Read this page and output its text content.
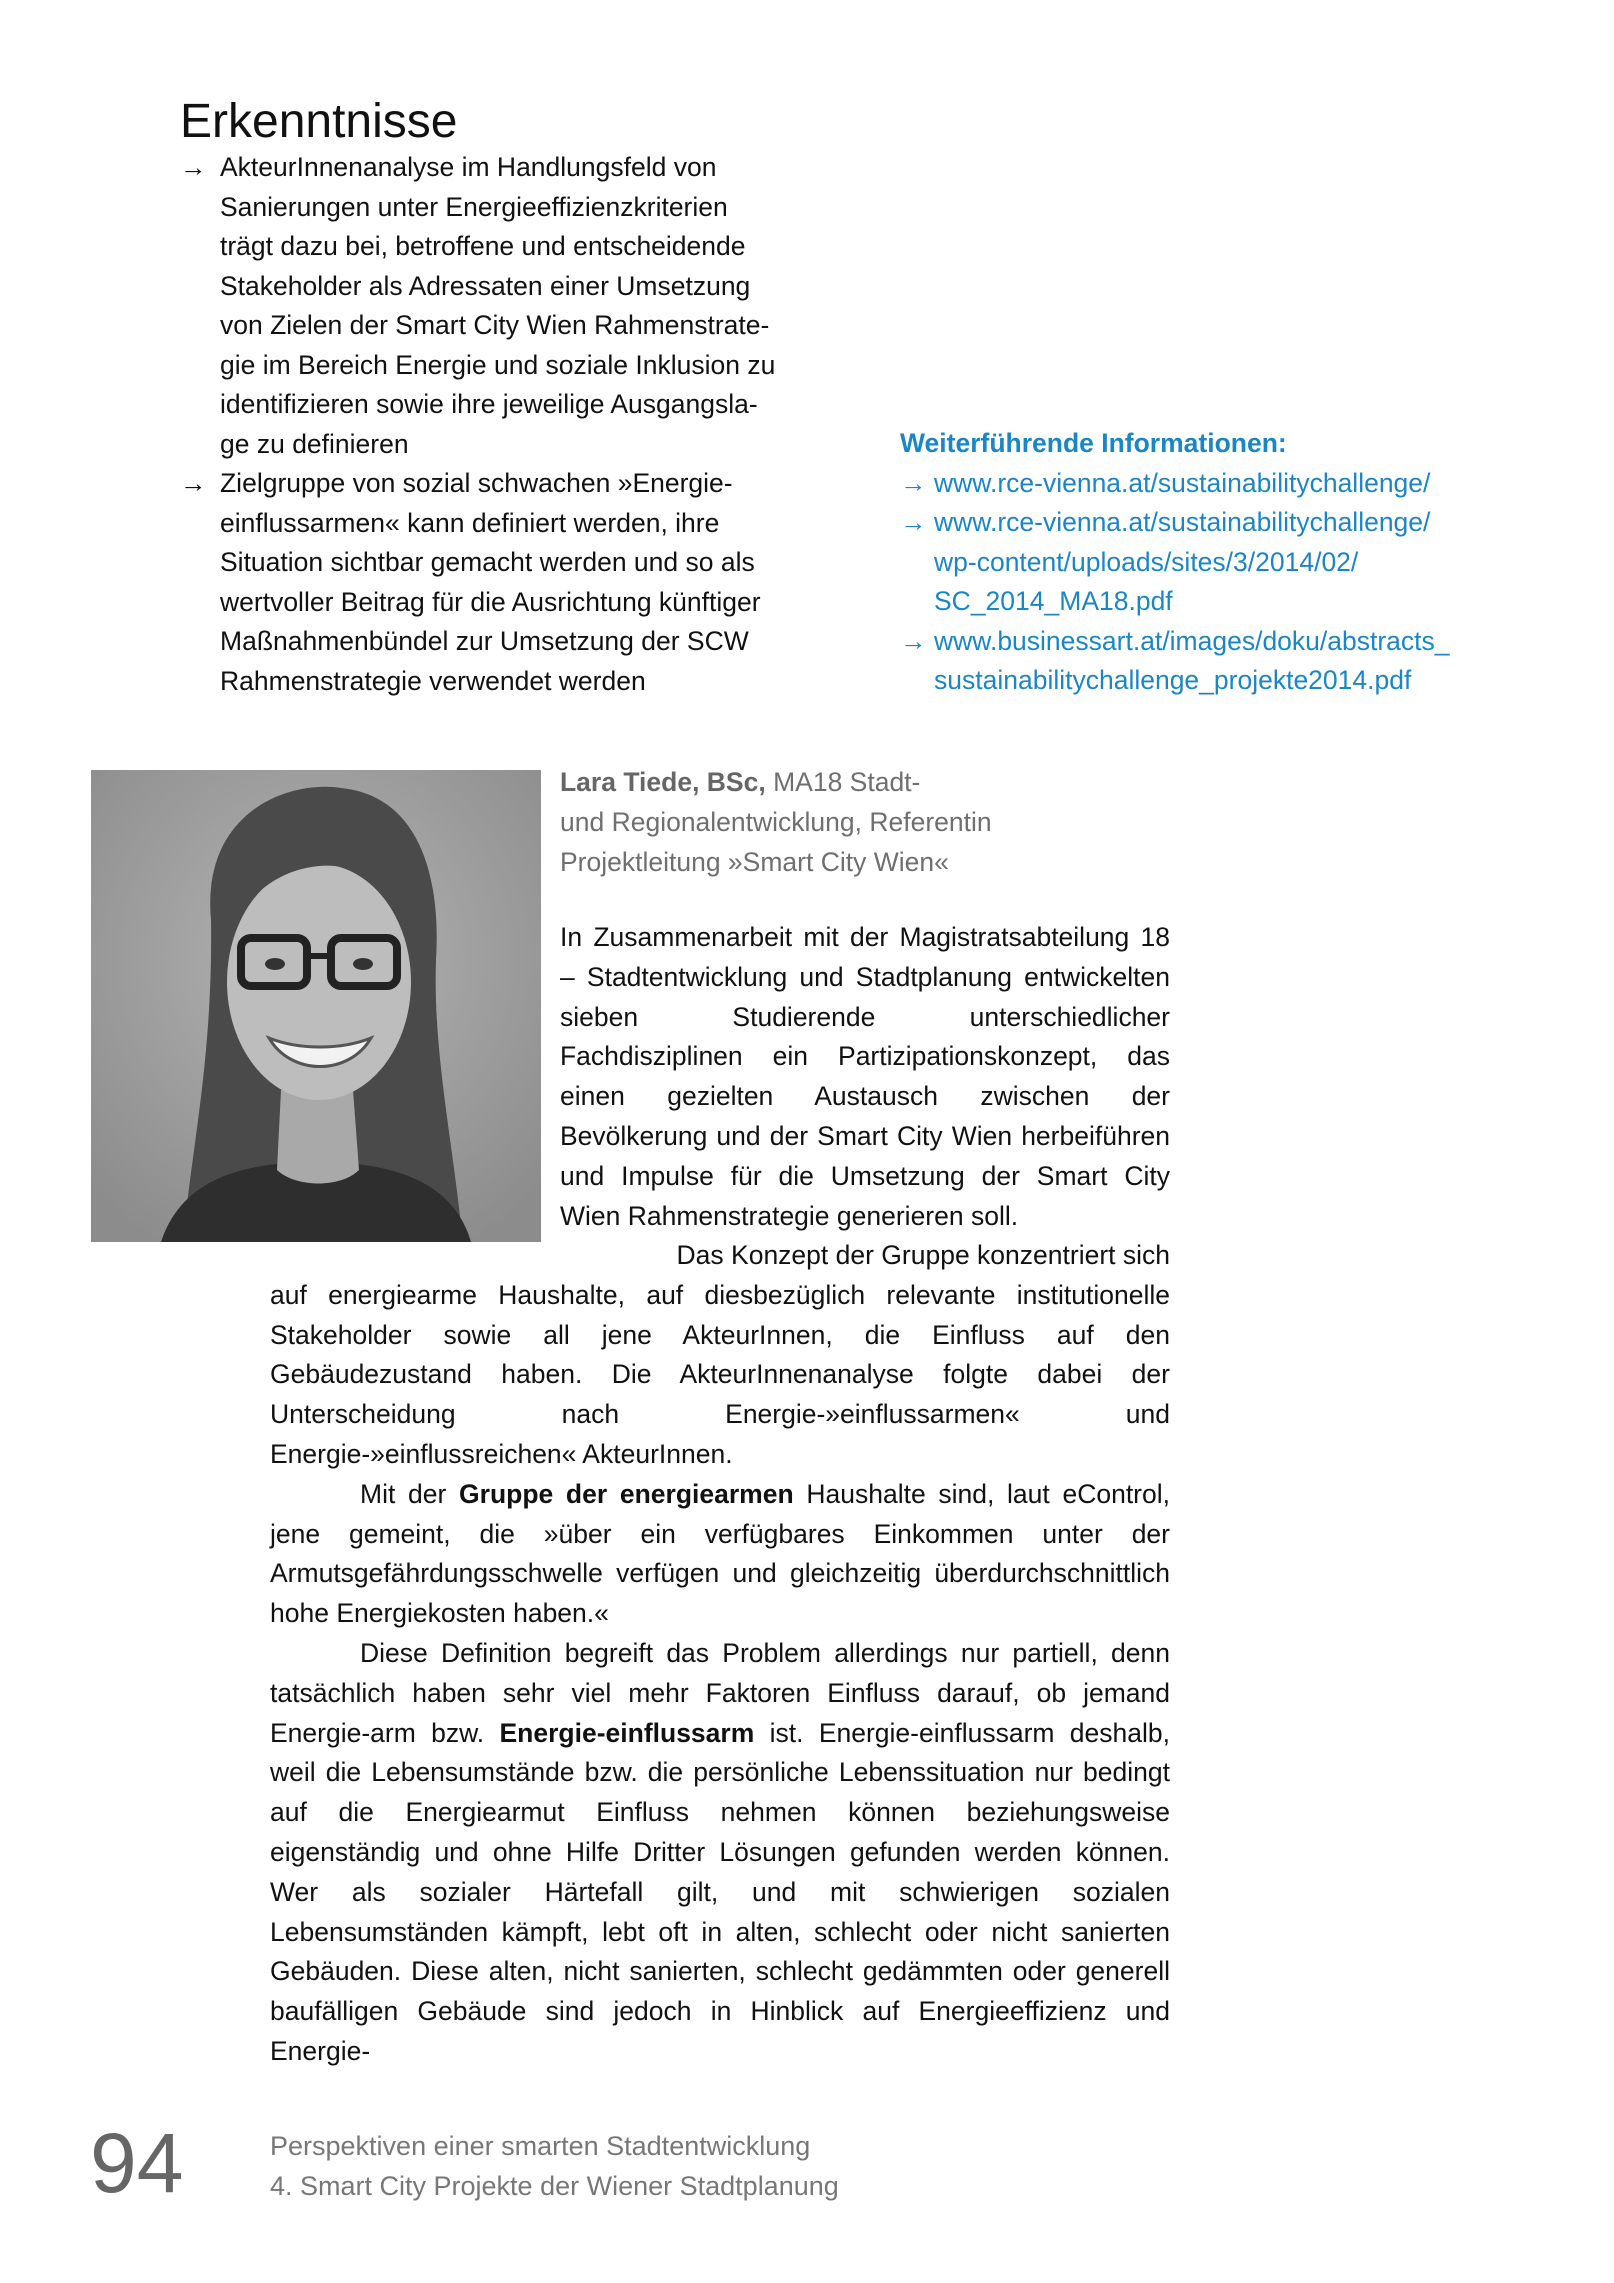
Erkenntnisse
→ AkteurInnenanalyse im Handlungsfeld von
Sanierungen unter Energieeffizienzkriterien
trägt dazu bei, betroffene und entscheidende
Stakeholder als Adressaten einer Umsetzung
von Zielen der Smart City Wien Rahmenstrate-
gie im Bereich Energie und soziale Inklusion zu
identifizieren sowie ihre jeweilige Ausgangsla-
ge zu definieren
→ Zielgruppe von sozial schwachen »Energie-
einflussarmen« kann definiert werden, ihre
Situation sichtbar gemacht werden und so als
wertvoller Beitrag für die Ausrichtung künftiger
Maßnahmenbündel zur Umsetzung der SCW
Rahmenstrategie verwendet werden
Weiterführende Informationen:
→ www.rce-vienna.at/sustainabilitychallenge/
→ www.rce-vienna.at/sustainabilitychallenge/
wp-content/uploads/sites/3/2014/02/
SC_2014_MA18.pdf
→ www.businessart.at/images/doku/abstracts_
sustainabilitychallenge_projekte2014.pdf
Lara Tiede, BSc, MA18 Stadt-
und Regionalentwicklung, Referentin
Projektleitung »Smart City Wien«

In Zusammenarbeit mit der Magistratsabteilung 18 – Stadtentwicklung und Stadtplanung entwickelten sieben Studierende unterschiedlicher Fachdisziplinen ein Partizipationskonzept, das einen gezielten Austausch zwischen der Bevölkerung und der Smart City Wien herbeiführen und Impulse für die Umsetzung der Smart City Wien Rahmenstrategie generieren soll.

Das Konzept der Gruppe konzentriert sich

auf energiearme Haushalte, auf diesbezüglich relevante institutionelle Stakeholder sowie all jene AkteurInnen, die Einfluss auf den Gebäudezustand haben. Die AkteurInnenanalyse folgte dabei der Unterscheidung nach Energie-»einflussarmen« und Energie-»einflussreichen« AkteurInnen.

Mit der Gruppe der energiearmen Haushalte sind, laut eControl, jene gemeint, die »über ein verfügbares Einkommen unter der Armutsgefährdungsschwelle verfügen und gleichzeitig überdurchschnittlich hohe Energiekosten haben.«

Diese Definition begreift das Problem allerdings nur partiell, denn tatsächlich haben sehr viel mehr Faktoren Einfluss darauf, ob jemand Energie-arm bzw. Energie-einflussarm ist. Energie-einflussarm deshalb, weil die Lebensumstände bzw. die persönliche Lebenssituation nur bedingt auf die Energiearmut Einfluss nehmen können beziehungsweise eigenständig und ohne Hilfe Dritter Lösungen gefunden werden können. Wer als sozialer Härtefall gilt, und mit schwierigen sozialen Lebensumständen kämpft, lebt oft in alten, schlecht oder nicht sanierten Gebäuden. Diese alten, nicht sanierten, schlecht gedämmten oder generell baufälligen Gebäude sind jedoch in Hinblick auf Energieeffizienz und Energie-

94	Perspektiven einer smarten Stadtentwicklung
4. Smart City Projekte der Wiener Stadtplanung
